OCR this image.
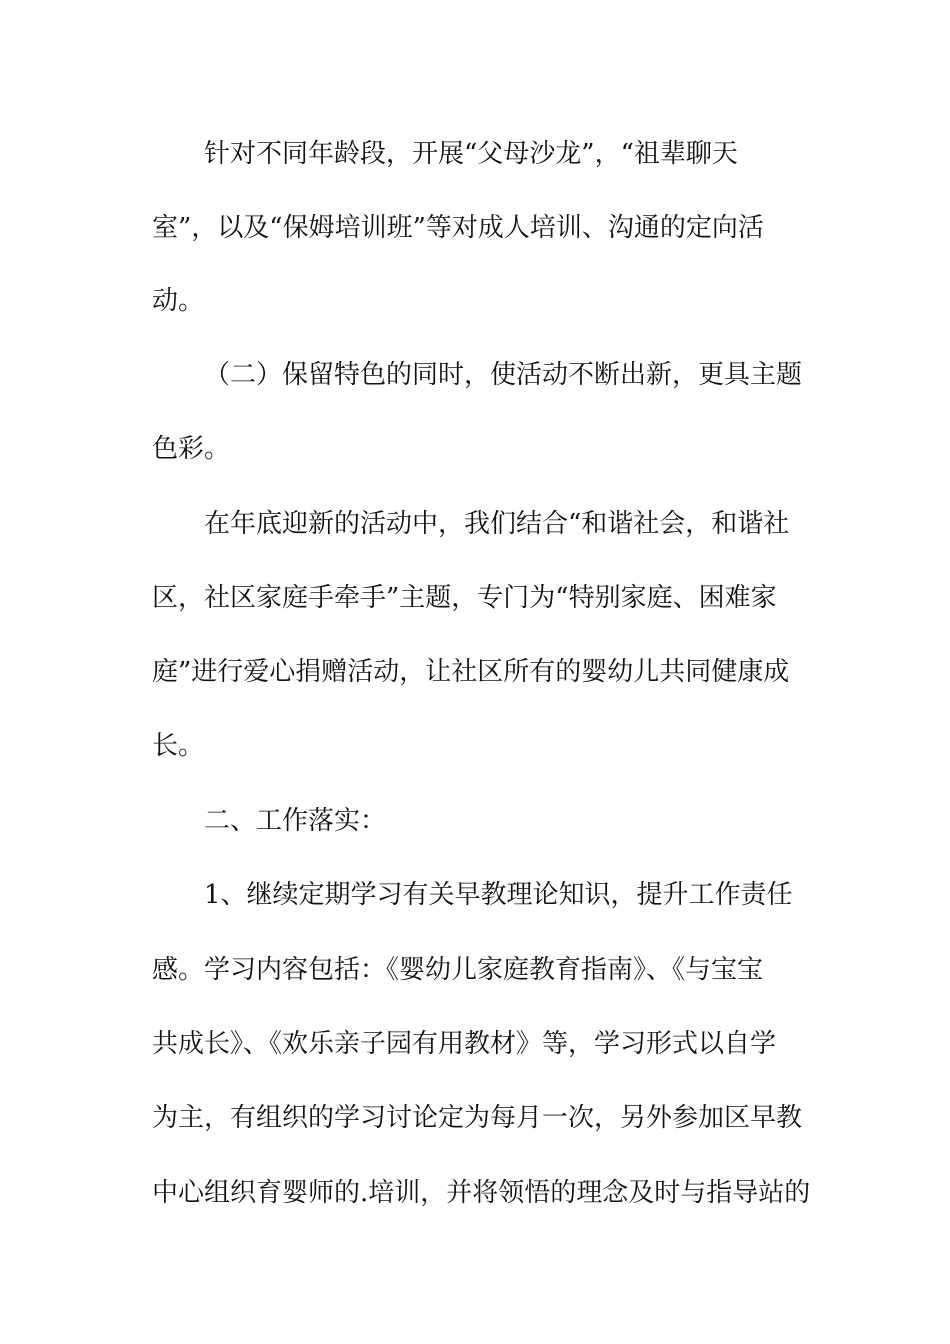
针对不同年龄段，开展“父母沙龙”，“祖辈聊天
室”，以及“保姆培训班”等对成人培训、沟通的定向活
动。
（二）保留特色的同时，使活动不断出新，更具主题
色彩。
在年底迎新的活动中，我们结合“和谐社会，和谐社
区，社区家庭手牵手”主题，专门为“特别家庭、困难家
庭”进行爱心捐赠活动，让社区所有的婴幼儿共同健康成
长。
二、工作落实：
1、继续定期学习有关早教理论知识，提升工作责任
感。学习内容包括：《婴幼儿家庭教育指南》、《与宝宝
共成长》、《欢乐亲子园有用教材》等，学习形式以自学
为主，有组织的学习讨论定为每月一次，另外参加区早教
中心组织育婴师的.培训，并将领悟的理念及时与指导站的
